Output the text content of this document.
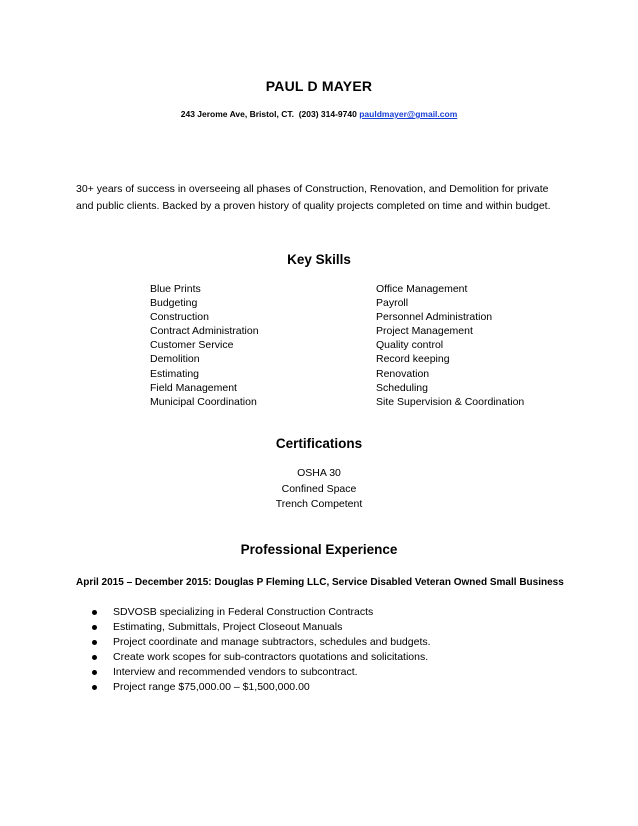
PAUL D MAYER
243 Jerome Ave, Bristol, CT. (203) 314-9740 pauldmayer@gmail.com
30+ years of success in overseeing all phases of Construction, Renovation, and Demolition for private
and public clients. Backed by a proven history of quality projects completed on time and within budget.
Key Skills
Blue Prints
Budgeting
Construction
Contract Administration
Customer Service
Demolition
Estimating
Field Management
Municipal Coordination
Office Management
Payroll
Personnel Administration
Project Management
Quality control
Record keeping
Renovation
Scheduling
Site Supervision & Coordination
Certifications
OSHA 30
Confined Space
Trench Competent
Professional Experience
April 2015 – December 2015: Douglas P Fleming LLC, Service Disabled Veteran Owned Small Business
SDVOSB specializing in Federal Construction Contracts
Estimating, Submittals, Project Closeout Manuals
Project coordinate and manage subtractors, schedules and budgets.
Create work scopes for sub-contractors quotations and solicitations.
Interview and recommended vendors to subcontract.
Project range $75,000.00 – $1,500,000.00
